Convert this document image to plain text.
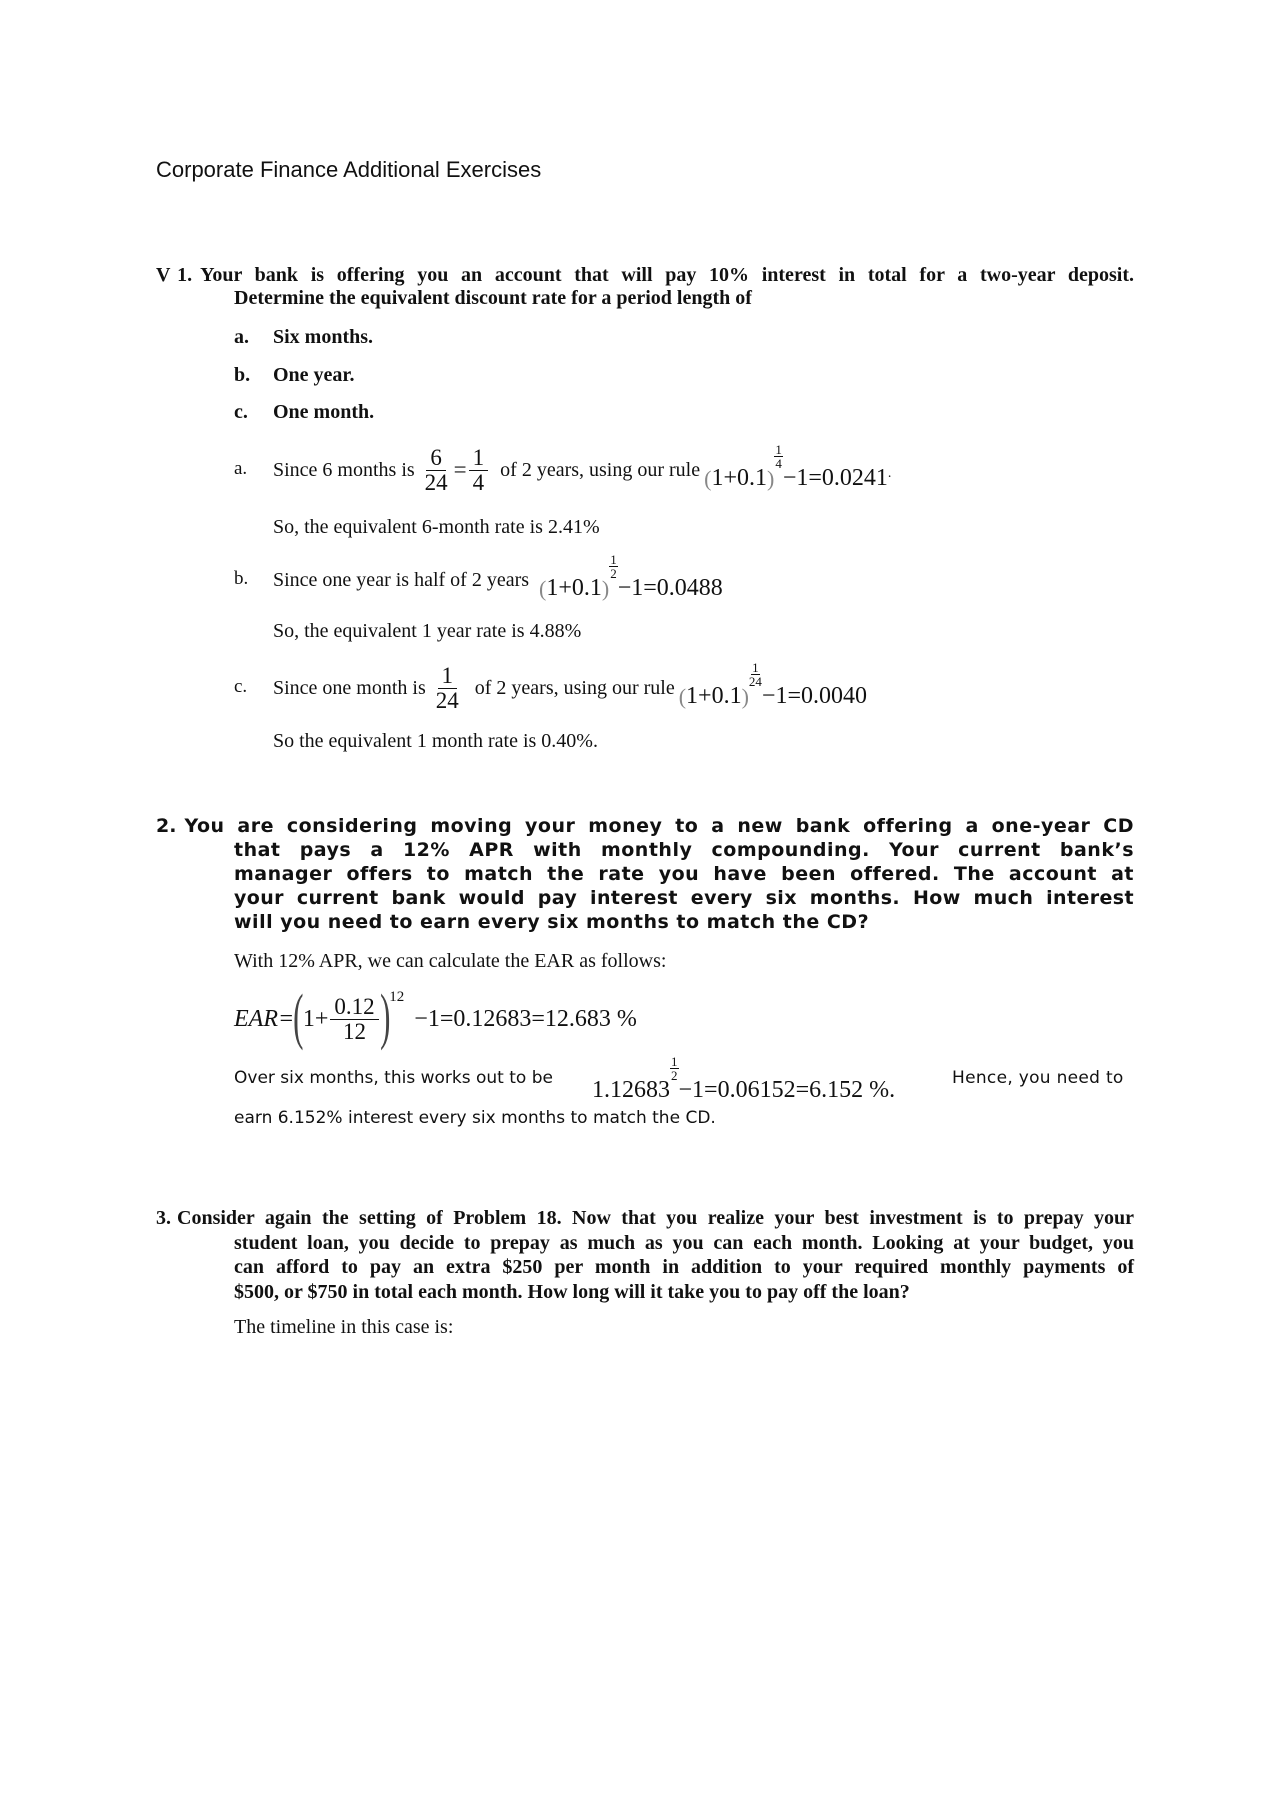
Corporate Finance Additional Exercises
V 1. Your bank is offering you an account that will pay 10% interest in total for a two-year deposit.
Determine the equivalent discount rate for a period length of
a. Six months.
b. One year.
c. One month.
a. Since 6 months is $\frac{6}{24} = \frac{1}{4}$ of 2 years, using our rule ( 1+0.1 )
$\frac{1}{4}$
−1=0.0241 .
So, the equivalent 6-month rate is 2.41%
b. Since one year is half of 2 years ( 1+0.1 )
$\frac{1}{2}$
−1=0.0488
So, the equivalent 1 year rate is 4.88%
c. Since one month is $\frac{1}{24}$ of 2 years, using our rule ( 1+0.1 )
$\frac{1}{24}$
−1=0.0040
So the equivalent 1 month rate is 0.40%.
2. You are considering moving your money to a new bank offering a one-year CD
that pays a 12% APR with monthly compounding. Your current bank’s
manager offers to match the rate you have been offered. The account at
your current bank would pay interest every six months. How much interest
will you need to earn every six months to match the CD?
With 12% APR, we can calculate the EAR as follows:
EAR= ( $1+ \frac{0.12}{12}$ ) 12
−1=0.12683=12.683 %
Over six months, this works out to be 1.12683
$\frac{1}{2}$
−1=0.06152=6.152 %.	Hence, you need to
earn 6.152% interest every six months to match the CD.
3. Consider again the setting of Problem 18. Now that you realize your best investment is to prepay your
student loan, you decide to prepay as much as you can each month. Looking at your budget, you
can afford to pay an extra $250 per month in addition to your required monthly payments of
$500, or $750 in total each month. How long will it take you to pay off the loan?
The timeline in this case is:
